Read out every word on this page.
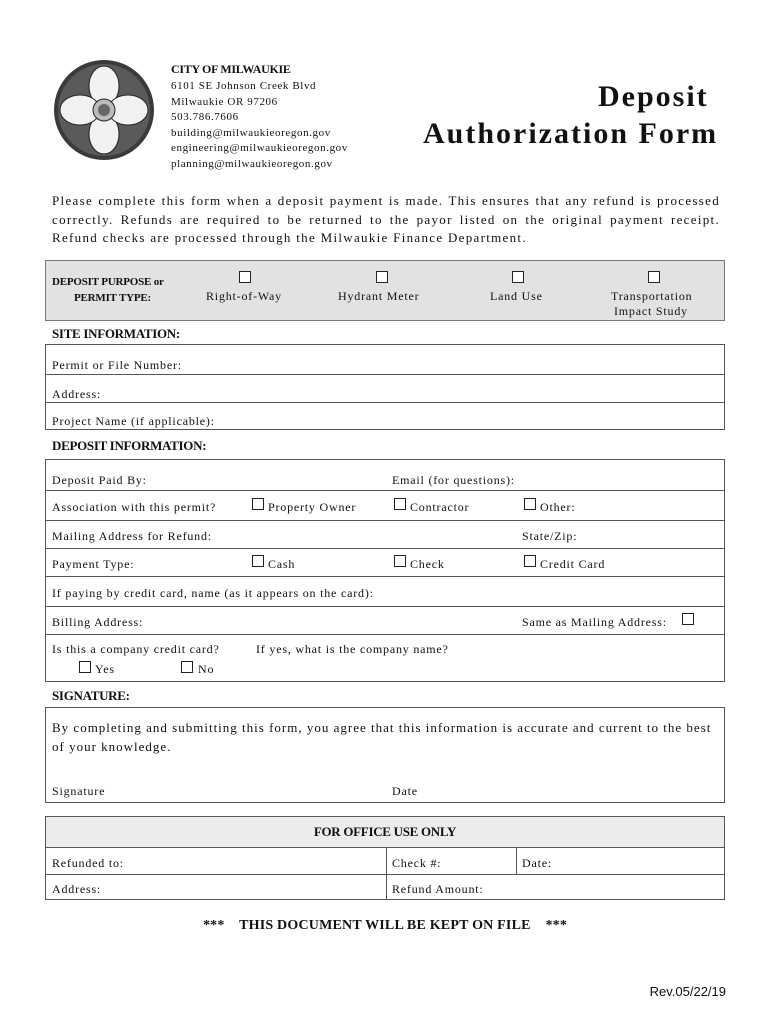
CITY OF MILWAUKIE
6101 SE Johnson Creek Blvd
Milwaukie OR 97206
503.786.7606
building@milwaukieoregon.gov
engineering@milwaukieoregon.gov
planning@milwaukieoregon.gov
Deposit
Authorization Form
Please complete this form when a deposit payment is made. This ensures that any refund is processed correctly. Refunds are required to be returned to the payor listed on the original payment receipt. Refund checks are processed through the Milwaukie Finance Department.
DEPOSIT PURPOSE or
PERMIT TYPE:	Right-of-Way	Hydrant Meter	Land Use	Transportation
Impact Study
SITE INFORMATION:
Permit or File Number:
Address:
Project Name (if applicable):
DEPOSIT INFORMATION:
Deposit Paid By:	Email (for questions):
Association with this permit?	Property Owner	Contractor	Other:
Mailing Address for Refund:	State/Zip:
Payment Type:	Cash	Check	Credit Card
If paying by credit card, name (as it appears on the card):
Billing Address:	Same as Mailing Address:
Is this a company credit card?	If yes, what is the company name?
Yes	No
SIGNATURE:
By completing and submitting this form, you agree that this information is accurate and current to the best of your knowledge.
Signature	Date
FOR OFFICE USE ONLY
Refunded to:	Check #:	Date:
Address:	Refund Amount:
***    THIS DOCUMENT WILL BE KEPT ON FILE    ***
Rev.05/22/19
